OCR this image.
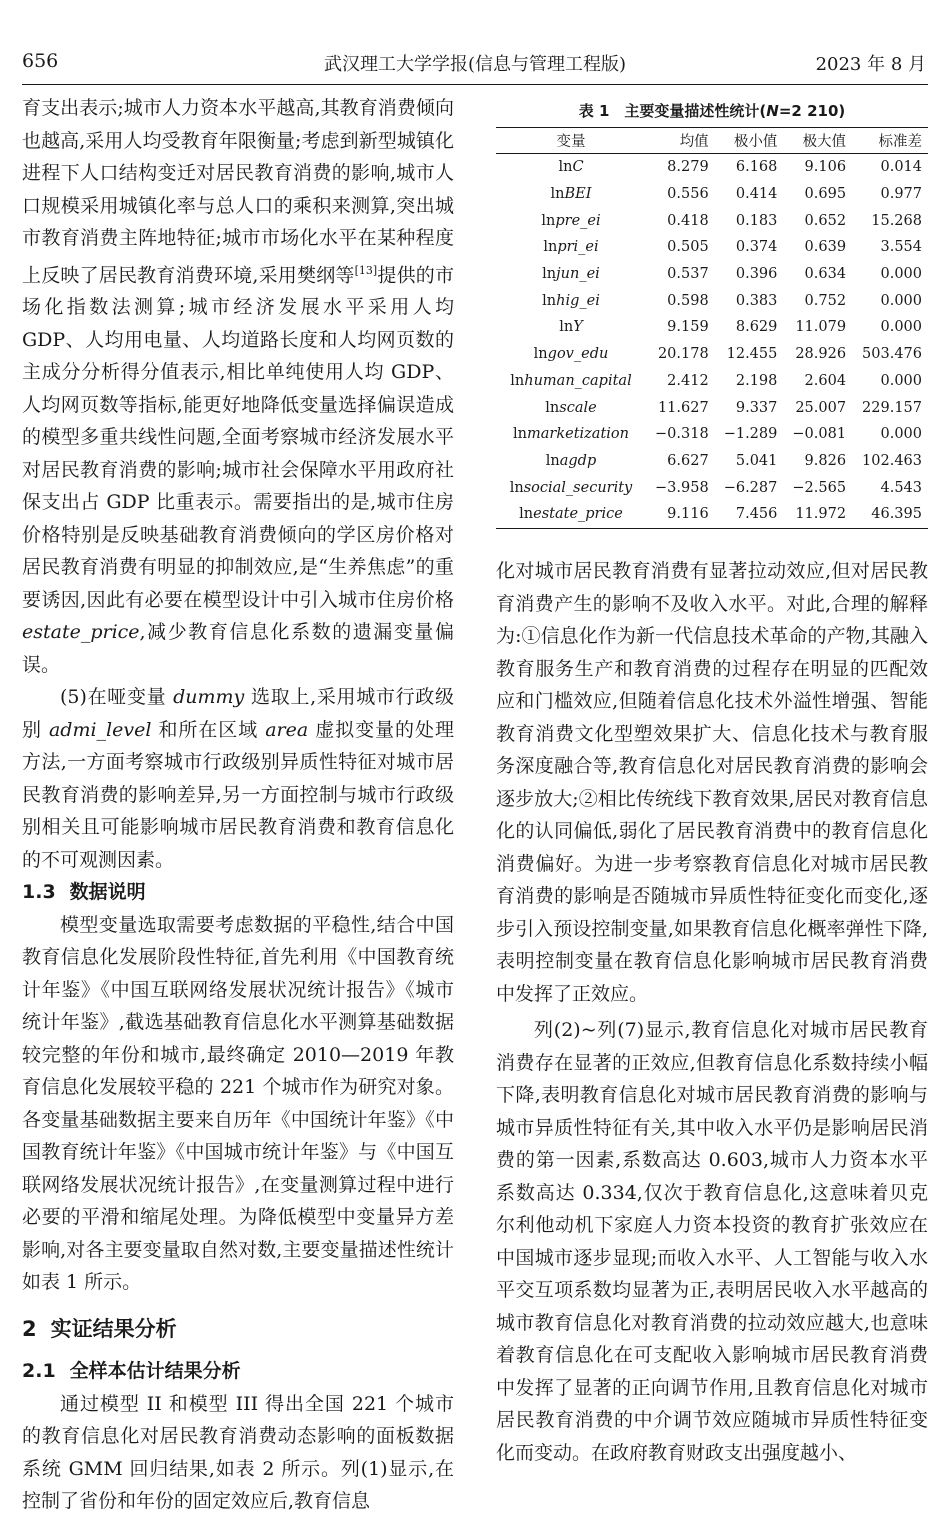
656	武汉理工大学学报(信息与管理工程版)	2023 年 8 月

育支出表示;城市人力资本水平越高,其教育消费倾向也越高,采用人均受教育年限衡量;考虑到新型城镇化进程下人口结构变迁对居民教育消费的影响,城市人口规模采用城镇化率与总人口的乘积来测算,突出城市教育消费主阵地特征;城市市场化水平在某种程度上反映了居民教育消费环境,采用樊纲等[13]提供的市场化指数法测算;城市经济发展水平采用人均 GDP、人均用电量、人均道路长度和人均网页数的主成分分析得分值表示,相比单纯使用人均 GDP、人均网页数等指标,能更好地降低变量选择偏误造成的模型多重共线性问题,全面考察城市经济发展水平对居民教育消费的影响;城市社会保障水平用政府社保支出占 GDP 比重表示。需要指出的是,城市住房价格特别是反映基础教育消费倾向的学区房价格对居民教育消费有明显的抑制效应,是“生养焦虑”的重要诱因,因此有必要在模型设计中引入城市住房价格 estate_price,减少教育信息化系数的遗漏变量偏误。

(5)在哑变量 dummy 选取上,采用城市行政级别 admi_level 和所在区域 area 虚拟变量的处理方法,一方面考察城市行政级别异质性特征对城市居民教育消费的影响差异,另一方面控制与城市行政级别相关且可能影响城市居民教育消费和教育信息化的不可观测因素。

1.3 数据说明

模型变量选取需要考虑数据的平稳性,结合中国教育信息化发展阶段性特征,首先利用《中国教育统计年鉴》《中国互联网络发展状况统计报告》《城市统计年鉴》,截选基础教育信息化水平测算基础数据较完整的年份和城市,最终确定 2010—2019 年教育信息化发展较平稳的 221 个城市作为研究对象。各变量基础数据主要来自历年《中国统计年鉴》《中国教育统计年鉴》《中国城市统计年鉴》与《中国互联网络发展状况统计报告》,在变量测算过程中进行必要的平滑和缩尾处理。为降低模型中变量异方差影响,对各主要变量取自然对数,主要变量描述性统计如表 1 所示。

2 实证结果分析

2.1 全样本估计结果分析

通过模型 II 和模型 III 得出全国 221 个城市的教育信息化对居民教育消费动态影响的面板数据系统 GMM 回归结果,如表 2 所示。列(1)显示,在控制了省份和年份的固定效应后,教育信息

表 1　主要变量描述性统计(N=2 210)
变量	均值	极小值	极大值	标准差
lnC	8.279	6.168	9.106	0.014
lnBEI	0.556	0.414	0.695	0.977
lnpre_ei	0.418	0.183	0.652	15.268
lnpri_ei	0.505	0.374	0.639	3.554
lnjun_ei	0.537	0.396	0.634	0.000
lnhig_ei	0.598	0.383	0.752	0.000
lnY	9.159	8.629	11.079	0.000
lngov_edu	20.178	12.455	28.926	503.476
lnhuman_capital	2.412	2.198	2.604	0.000
lnscale	11.627	9.337	25.007	229.157
lnmarketization	−0.318	−1.289	−0.081	0.000
lnagdp	6.627	5.041	9.826	102.463
lnsocial_security	−3.958	−6.287	−2.565	4.543
lnestate_price	9.116	7.456	11.972	46.395

化对城市居民教育消费有显著拉动效应,但对居民教育消费产生的影响不及收入水平。对此,合理的解释为:①信息化作为新一代信息技术革命的产物,其融入教育服务生产和教育消费的过程存在明显的匹配效应和门槛效应,但随着信息化技术外溢性增强、智能教育消费文化型塑效果扩大、信息化技术与教育服务深度融合等,教育信息化对居民教育消费的影响会逐步放大;②相比传统线下教育效果,居民对教育信息化的认同偏低,弱化了居民教育消费中的教育信息化消费偏好。为进一步考察教育信息化对城市居民教育消费的影响是否随城市异质性特征变化而变化,逐步引入预设控制变量,如果教育信息化概率弹性下降,表明控制变量在教育信息化影响城市居民教育消费中发挥了正效应。

列(2)~列(7)显示,教育信息化对城市居民教育消费存在显著的正效应,但教育信息化系数持续小幅下降,表明教育信息化对城市居民教育消费的影响与城市异质性特征有关,其中收入水平仍是影响居民消费的第一因素,系数高达 0.603,城市人力资本水平系数高达 0.334,仅次于教育信息化,这意味着贝克尔利他动机下家庭人力资本投资的教育扩张效应在中国城市逐步显现;而收入水平、人工智能与收入水平交互项系数均显著为正,表明居民收入水平越高的城市教育信息化对教育消费的拉动效应越大,也意味着教育信息化在可支配收入影响城市居民教育消费中发挥了显著的正向调节作用,且教育信息化对城市居民教育消费的中介调节效应随城市异质性特征变化而变动。在政府教育财政支出强度越小、
